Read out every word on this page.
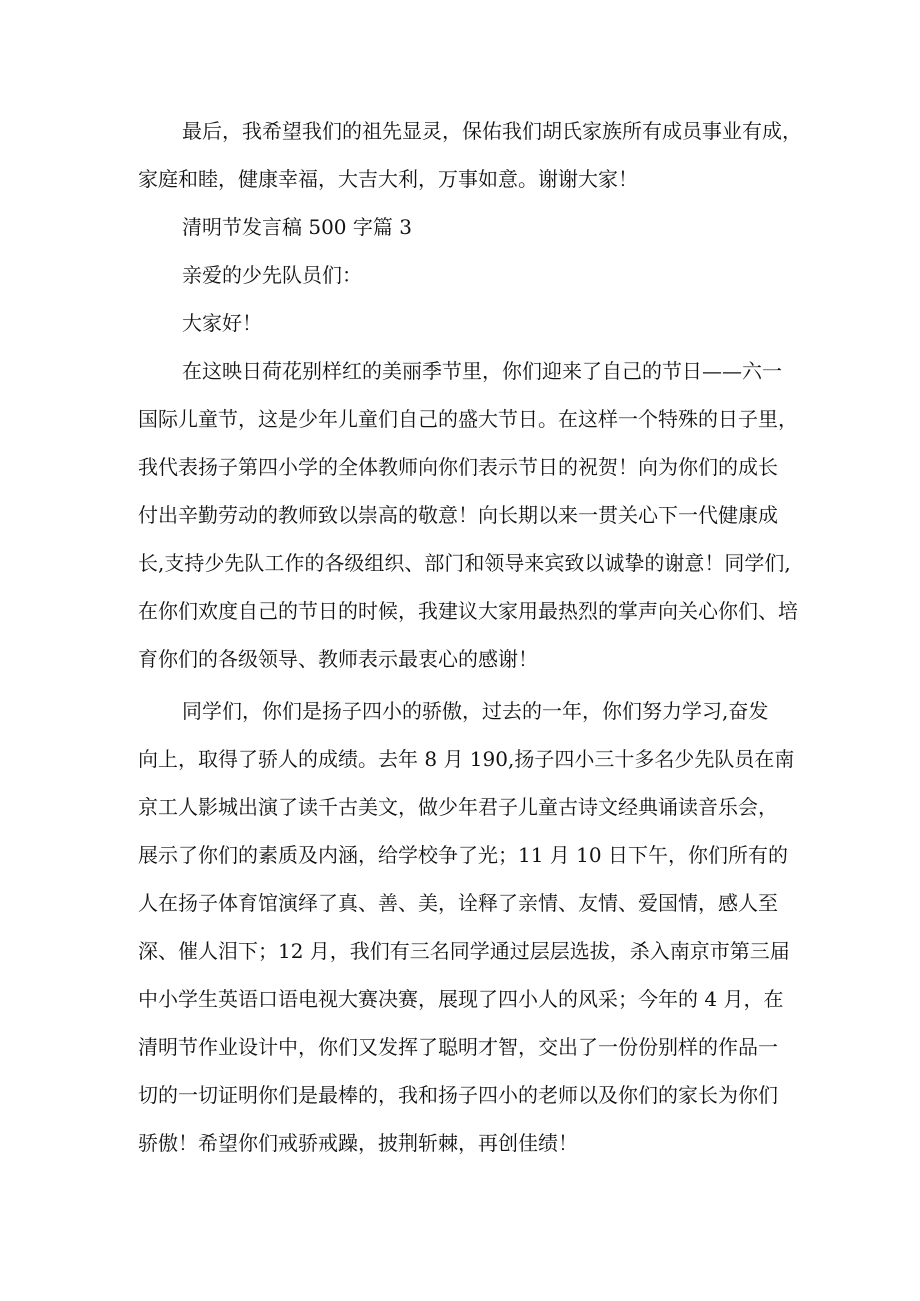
最后，我希望我们的祖先显灵，保佑我们胡氏家族所有成员事业有成，
家庭和睦，健康幸福，大吉大利，万事如意。谢谢大家！
清明节发言稿 500 字篇 3
亲爱的少先队员们：
大家好！
在这映日荷花别样红的美丽季节里，你们迎来了自己的节日——六一
国际儿童节，这是少年儿童们自己的盛大节日。在这样一个特殊的日子里，
我代表扬子第四小学的全体教师向你们表示节日的祝贺！向为你们的成长
付出辛勤劳动的教师致以崇高的敬意！向长期以来一贯关心下一代健康成
长,支持少先队工作的各级组织、部门和领导来宾致以诚挚的谢意！同学们,
在你们欢度自己的节日的时候，我建议大家用最热烈的掌声向关心你们、培
育你们的各级领导、教师表示最衷心的感谢！
同学们，你们是扬子四小的骄傲，过去的一年，你们努力学习,奋发
向上，取得了骄人的成绩。去年 8 月 190,扬子四小三十多名少先队员在南
京工人影城出演了读千古美文，做少年君子儿童古诗文经典诵读音乐会，
展示了你们的素质及内涵，给学校争了光；11 月 10 日下午，你们所有的
人在扬子体育馆演绎了真、善、美，诠释了亲情、友情、爱国情，感人至
深、催人泪下；12 月，我们有三名同学通过层层选拔，杀入南京市第三届
中小学生英语口语电视大赛决赛，展现了四小人的风采；今年的 4 月，在
清明节作业设计中，你们又发挥了聪明才智，交出了一份份别样的作品一
切的一切证明你们是最棒的，我和扬子四小的老师以及你们的家长为你们
骄傲！希望你们戒骄戒躁，披荆斩棘，再创佳绩！
